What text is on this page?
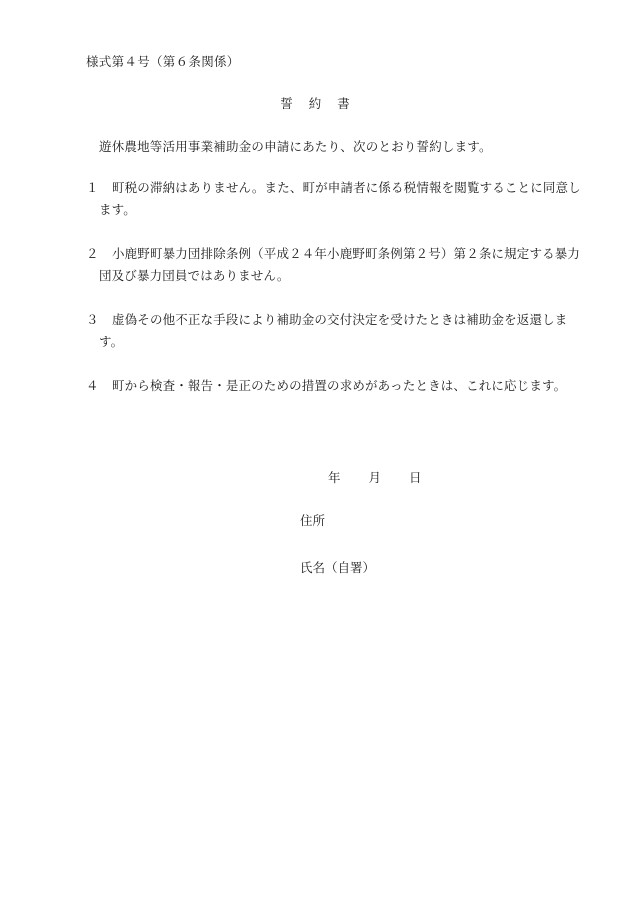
様式第４号（第６条関係）
誓 約 書
遊休農地等活用事業補助金の申請にあたり、次のとおり誓約します。
１	町税の滞納はありません。また、町が申請者に係る税情報を閲覧することに同意します。
２	小鹿野町暴力団排除条例（平成２４年小鹿野町条例第２号）第２条に規定する暴力団及び暴力団員ではありません。
３	虚偽その他不正な手段により補助金の交付決定を受けたときは補助金を返還します。
４	町から検査・報告・是正のための措置の求めがあったときは、これに応じます。
年 月 日
住所
氏名（自署）
